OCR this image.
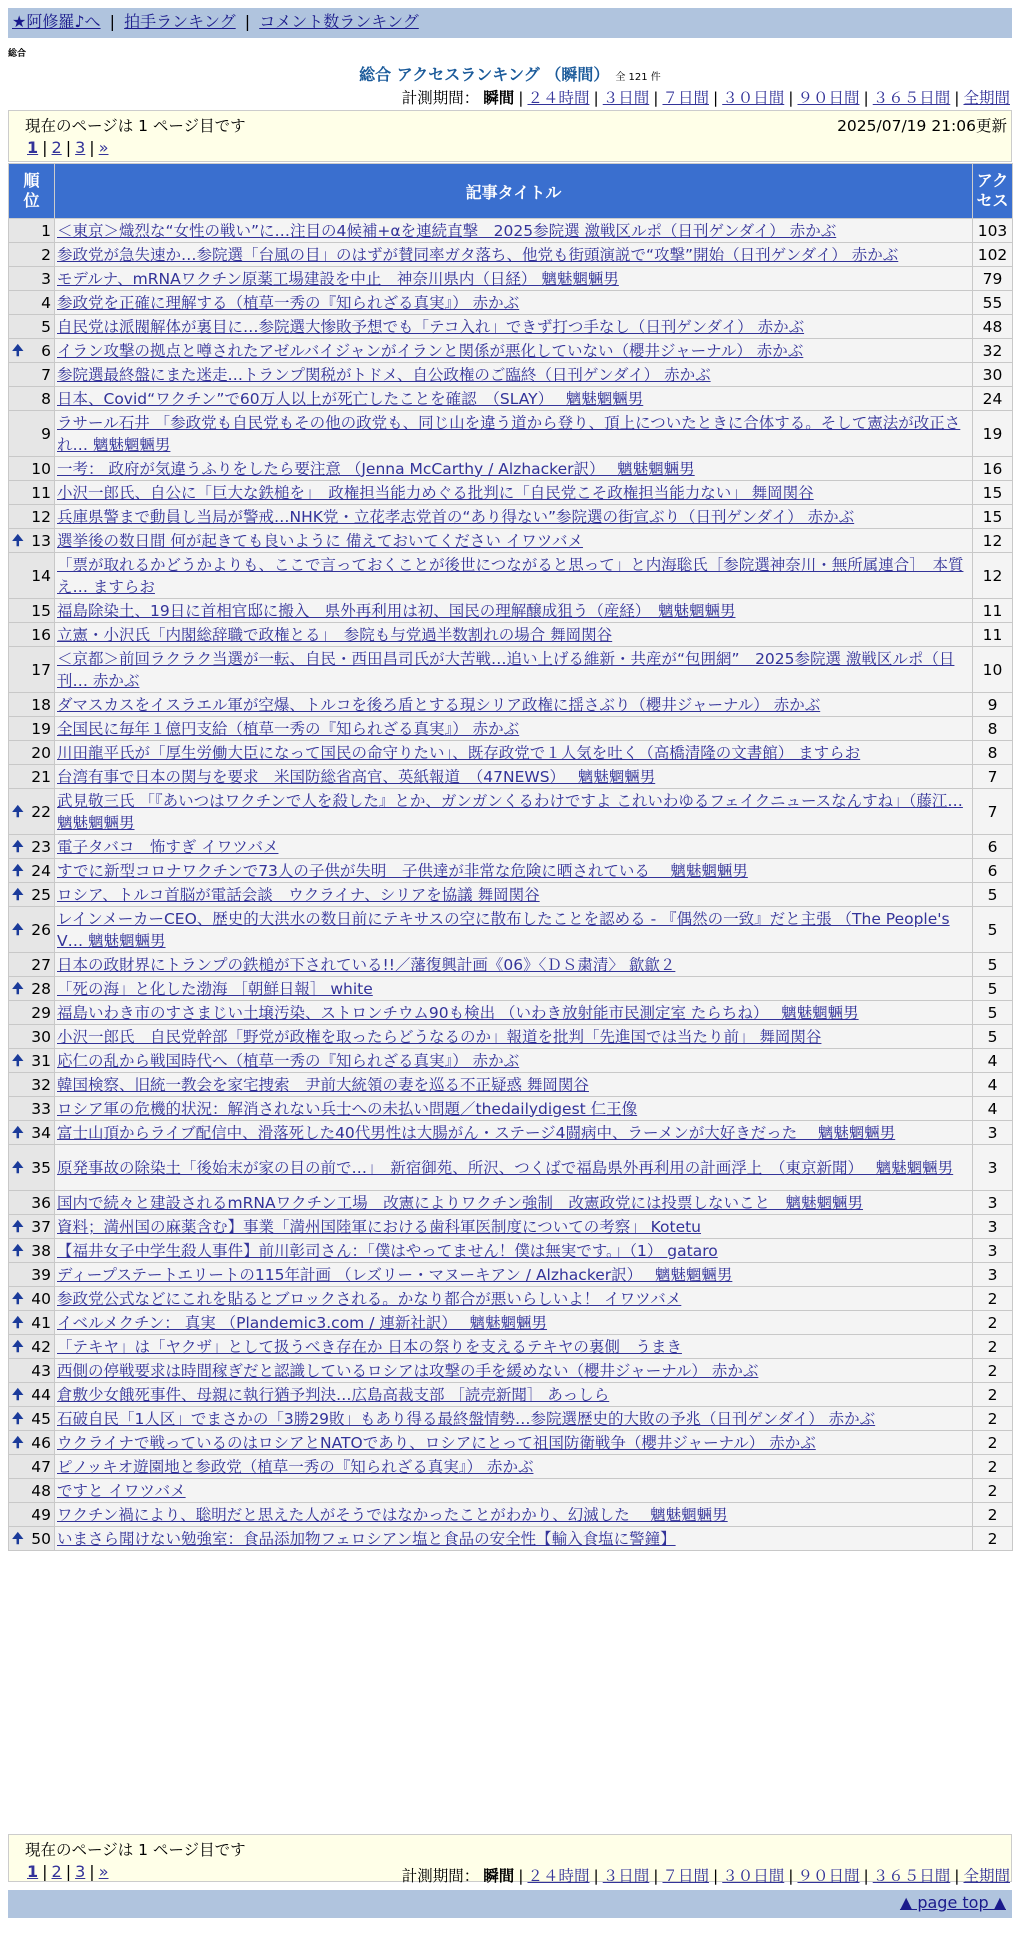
★阿修羅♪へ | 拍手ランキング | コメント数ランキング
総合
総合 アクセスランキング （瞬間） 全 121 件
計測期間： 瞬間 | ２４時間 | ３日間 | ７日間 | ３０日間 | ９０日間 | ３６５日間 | 全期間
現在のページは 1 ページ目です	2025/07/19 21:06更新
1 | 2 | 3 | »
順位	記事タイトル	アクセス
1	＜東京＞熾烈な“女性の戦い”に…注目の4候補+αを連続直撃　2025参院選 激戦区ルポ（日刊ゲンダイ） 赤かぶ	103
2	参政党が急失速か…参院選「台風の目」のはずが賛同率ガタ落ち、他党も街頭演説で“攻撃”開始（日刊ゲンダイ） 赤かぶ	102
3	モデルナ、mRNAワクチン原薬工場建設を中止　神奈川県内（日経） 魑魅魍魎男	79
4	参政党を正確に理解する（植草一秀の『知られざる真実』） 赤かぶ	55
5	自民党は派閥解体が裏目に…参院選大惨敗予想でも「テコ入れ」できず打つ手なし（日刊ゲンダイ） 赤かぶ	48

🠉 6	イラン攻撃の拠点と噂されたアゼルバイジャンがイランと関係が悪化していない（櫻井ジャーナル） 赤かぶ	32
7	参院選最終盤にまた迷走…トランプ関税がトドメ、自公政権のご臨終（日刊ゲンダイ） 赤かぶ	30
8	日本、Covid“ワクチン”で60万人以上が死亡したことを確認　（SLAY）　 魑魅魍魎男	24
9	ラサール石井 「参政党も自民党もその他の政党も、同じ山を違う道から登り、頂上についたときに合体する。そして憲法が改正され… 魑魅魍魎男	19
10	一考： 政府が気違うふりをしたら要注意 （Jenna McCarthy / Alzhacker訳）　 魑魅魍魎男	16
11	小沢一郎氏、自公に「巨大な鉄槌を」　政権担当能力めぐる批判に「自民党こそ政権担当能力ない」 舞岡関谷	15
12	兵庫県警まで動員し当局が警戒…NHK党・立花孝志党首の“あり得ない”参院選の街宣ぶり（日刊ゲンダイ） 赤かぶ	15

🠉 13	選挙後の数日間 何が起きても良いように 備えておいてください イワツバメ	12
14	「票が取れるかどうかよりも、ここで言っておくことが後世につながると思って」と内海聡氏［参院選神奈川・無所属連合］　本質え… ますらお	12
15	福島除染土、19日に首相官邸に搬入　県外再利用は初、国民の理解醸成狙う（産経）　魑魅魍魎男	11
16	立憲・小沢氏「内閣総辞職で政権とる」　参院も与党過半数割れの場合 舞岡関谷	11
17	＜京都＞前回ラクラク当選が一転、自民・西田昌司氏が大苦戦…追い上げる維新・共産が“包囲網”　2025参院選 激戦区ルポ（日刊… 赤かぶ	10
18	ダマスカスをイスラエル軍が空爆、トルコを後ろ盾とする現シリア政権に揺さぶり（櫻井ジャーナル） 赤かぶ	9
19	全国民に毎年１億円支給（植草一秀の『知られざる真実』） 赤かぶ	8
20	川田龍平氏が「厚生労働大臣になって国民の命守りたい」、既存政党で１人気を吐く（高橋清隆の文書館） ますらお	8
21	台湾有事で日本の関与を要求　米国防総省高官、英紙報道　（47NEWS）　 魑魅魍魎男	7

🠉 22	武見敬三氏 「『あいつはワクチンで人を殺した』とか、ガンガンくるわけですよ これいわゆるフェイクニュースなんすね」（藤江… 魑魅魍魎男	7

🠉 23	電子タバコ　怖すぎ イワツバメ	6

🠉 24	すでに新型コロナワクチンで73人の子供が失明　子供達が非常な危険に晒されている　 魑魅魍魎男	6

🠉 25	ロシア、トルコ首脳が電話会談　ウクライナ、シリアを協議 舞岡関谷	5

🠉 26	レインメーカーCEO、歴史的大洪水の数日前にテキサスの空に散布したことを認める - 『偶然の一致』だと主張 （The People's V… 魑魅魍魎男	5
27	日本の政財界にトランプの鉄槌が下されている!!／藩復興計画《06》〈ＤＳ粛清〉 歙歙２	5

🠉 28	「死の海」と化した渤海 ［朝鮮日報］ white	5
29	福島いわき市のすさまじい土壌汚染、ストロンチウム90も検出 （いわき放射能市民測定室 たらちね）　 魑魅魍魎男	5
30	小沢一郎氏　自民党幹部「野党が政権を取ったらどうなるのか」報道を批判「先進国では当たり前」 舞岡関谷	5

🠉 31	応仁の乱から戦国時代へ（植草一秀の『知られざる真実』） 赤かぶ	4
32	韓国検察、旧統一教会を家宅捜索　尹前大統領の妻を巡る不正疑惑 舞岡関谷	4
33	ロシア軍の危機的状況：解消されない兵士への未払い問題／thedailydigest 仁王像	4

🠉 34	富士山頂からライブ配信中、滑落死した40代男性は大腸がん・ステージ4闘病中、ラーメンが大好きだった　 魑魅魍魎男	3

🠉 35	原発事故の除染土「後始末が家の目の前で…」　新宿御苑、所沢、つくばで福島県外再利用の計画浮上　（東京新聞）　 魑魅魍魎男	3
36	国内で続々と建設されるmRNAワクチン工場　改憲によりワクチン強制　改憲政党には投票しないこと　魑魅魍魎男	3

🠉 37	資料；満州国の麻薬含む】事業「満州国陸軍における歯科軍医制度についての考察」 Kotetu	3

🠉 38	【福井女子中学生殺人事件】前川彰司さん：「僕はやってません！僕は無実です。」（1） gataro	3
39	ディープステートエリートの115年計画 （レズリー・マヌーキアン / Alzhacker訳）　 魑魅魍魎男	3

🠉 40	参政党公式などにこれを貼るとブロックされる。かなり都合が悪いらしいよ！ イワツバメ	2

🠉 41	イベルメクチン： 真実 （Plandemic3.com / 連新社訳）　 魑魅魍魎男	2

🠉 42	「テキヤ」は「ヤクザ」として扱うべき存在か 日本の祭りを支えるテキヤの裏側　うまき	2
43	西側の停戦要求は時間稼ぎだと認識しているロシアは攻撃の手を緩めない（櫻井ジャーナル） 赤かぶ	2

🠉 44	倉敷少女餓死事件、母親に執行猶予判決…広島高裁支部 ［読売新聞］ あっしら	2

🠉 45	石破自民「1人区」でまさかの「3勝29敗」もあり得る最終盤情勢…参院選歴史的大敗の予兆（日刊ゲンダイ） 赤かぶ	2

🠉 46	ウクライナで戦っているのはロシアとNATOであり、ロシアにとって祖国防衛戦争（櫻井ジャーナル） 赤かぶ	2
47	ピノッキオ遊園地と参政党（植草一秀の『知られざる真実』） 赤かぶ	2
48	ですと イワツバメ	2
49	ワクチン禍により、聡明だと思えた人がそうではなかったことがわかり、幻滅した　 魑魅魍魎男	2

🠉 50	いまさら聞けない勉強室：食品添加物フェロシアン塩と食品の安全性【輸入食塩に警鐘】	2
現在のページは 1 ページ目です
1 | 2 | 3 | »	計測期間： 瞬間 | ２４時間 | ３日間 | ７日間 | ３０日間 | ９０日間 | ３６５日間 | 全期間
▲ page top ▲
